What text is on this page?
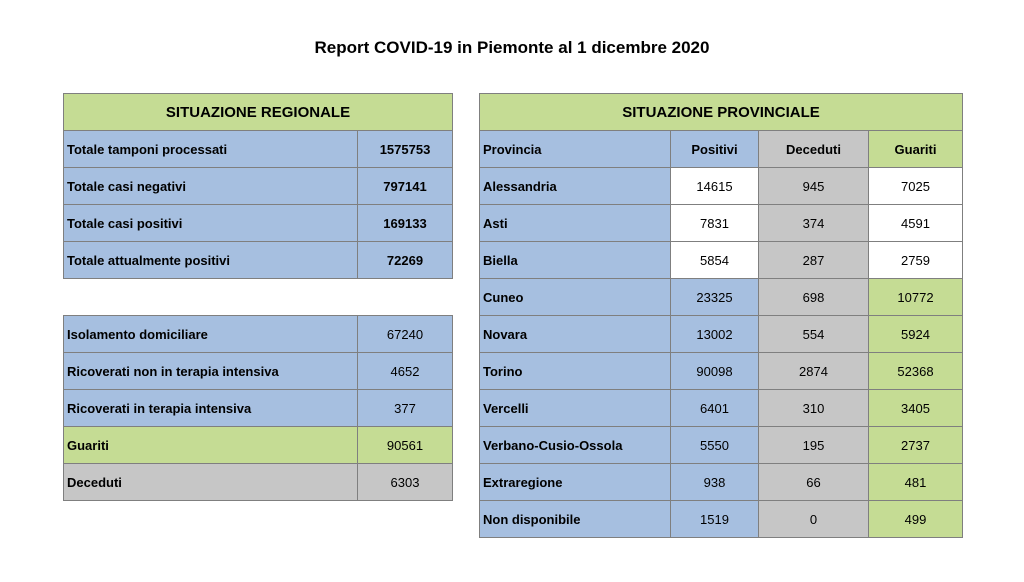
Report COVID-19 in Piemonte al 1 dicembre 2020
SITUAZIONE REGIONALE	
Totale tamponi processati	1575753
Totale casi negativi	797141
Totale casi positivi	169133
Totale attualmente positivi	72269
Isolamento domiciliare	67240
Ricoverati non in terapia intensiva	4652
Ricoverati in terapia intensiva	377
Guariti	90561
Deceduti	6303
SITUAZIONE PROVINCIALE			
Provincia	Positivi	Deceduti	Guariti
Alessandria	14615	945	7025
Asti	7831	374	4591
Biella	5854	287	2759
Cuneo	23325	698	10772
Novara	13002	554	5924
Torino	90098	2874	52368
Vercelli	6401	310	3405
Verbano-Cusio-Ossola	5550	195	2737
Extraregione	938	66	481
Non disponibile	1519	0	499
